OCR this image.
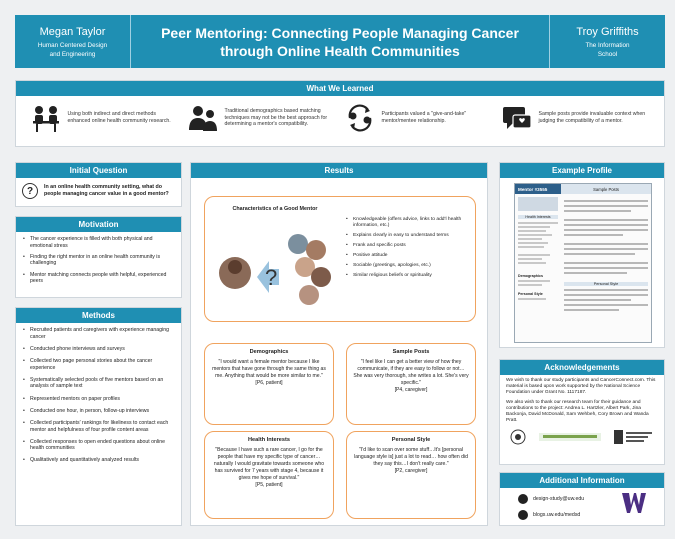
Megan Taylor
Human Centered Design
and Engineering
Peer Mentoring: Connecting People Managing Cancer
through Online Health Communities
Troy Griffiths
The Information
School
What We Learned
Using both indirect and direct methods enhanced online health community research.
Traditional demographics based matching techniques may not be the best approach for determining a mentor's compatibility.
Participants valued a "give-and-take" mentor/mentee relationship.
Sample posts provide invaluable context when judging the compatibility of a mentor.
Initial Question
?	In an online health community setting, what do people managing cancer value in a good mentor?
Motivation
• The cancer experience is filled with both physical and emotional stress
• Finding the right mentor in an online health community is challenging
• Mentor matching connects people with helpful, experienced peers
Methods
• Recruited patients and caregivers with experience managing cancer
• Conducted phone interviews and surveys
• Collected two page personal stories about the cancer experience
• Systematically selected pools of five mentors based on an analysis of sample text
• Represented mentors on paper profiles
• Conducted one hour, in person, follow-up interviews
• Collected participants' rankings for likeliness to contact each mentor and helpfulness of four profile content areas
• Collected responses to open ended questions about online health communities
• Qualitatively and quantitatively analyzed results
Results
Characteristics of a Good Mentor
?
• Knowledgeable (offers advice, links to add'l health information, etc.)
• Explains clearly in easy to understand terms
• Frank and specific posts
• Positive attitude
• Sociable (greetings, apologies, etc.)
• Similar religious beliefs or spirituality
Demographics
"I would want a female mentor because I like mentors that have gone through the same thing as me. Anything that would be more similar to me."
[P6, patient]
Sample Posts
"I feel like I can get a better view of how they communicate, if they are easy to follow or not… She was very thorough, she writes a lot. She's very specific."
[P4, caregiver]
Health Interests
"Because I have such a rare cancer, I go for the people that have my specific type of cancer… naturally I would gravitate towards someone who has survived for 7 years with stage 4, because it gives me hope of survival."
[P5, patient]
Personal Style
"I'd like to scan over some stuff…It's [personal language style is] just a lot to read… how often did they say this…I don't really care."
[P2, caregiver]
Example Profile
Mentor #3555	Sample Posts
Health Interests
Demographics
Personal Style
Personal Style
Acknowledgements

We wish to thank our study participants and CancerConnect.com. This material is based upon work supported by the National Science Foundation under Grant No. 1117187.

We also wish to thank our research team for their guidance and contributions to the project: Andrea L. Hartzler, Albert Park, Jina Backonja, David McDonald, Sam Wehbeh, Cory Brown and Wanda Pratt.

Additional Information
design-study@uw.edu
blogs.uw.edu/medsd
